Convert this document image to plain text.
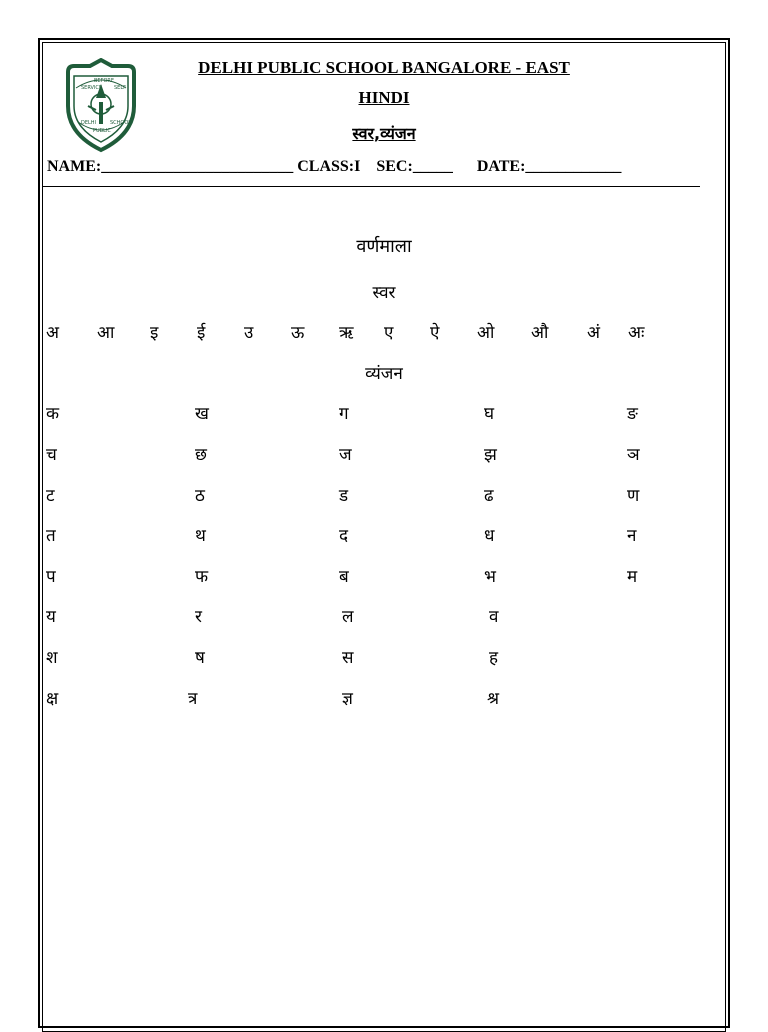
SERVICE
BEFORE
SELF
DELHI
PUBLIC
SCHOOL
DELHI PUBLIC SCHOOL BANGALORE - EAST
HINDI
स्वर,व्यंजन
NAME:________________________ CLASS:I SEC:_____ DATE:____________
वर्णमाला
स्वर
अ आ इ ई उ ऊ ऋ ए ऐ ओ औ अं अः
व्यंजन
क	ख	ग	घ	ङ
च	छ	ज	झ	ञ
ट	ठ	ड	ढ	ण
त	थ	द	ध	न
प	फ	ब	भ	म
य	र	ल	व
श	ष	स	ह
क्ष	त्र	ज्ञ	श्र
